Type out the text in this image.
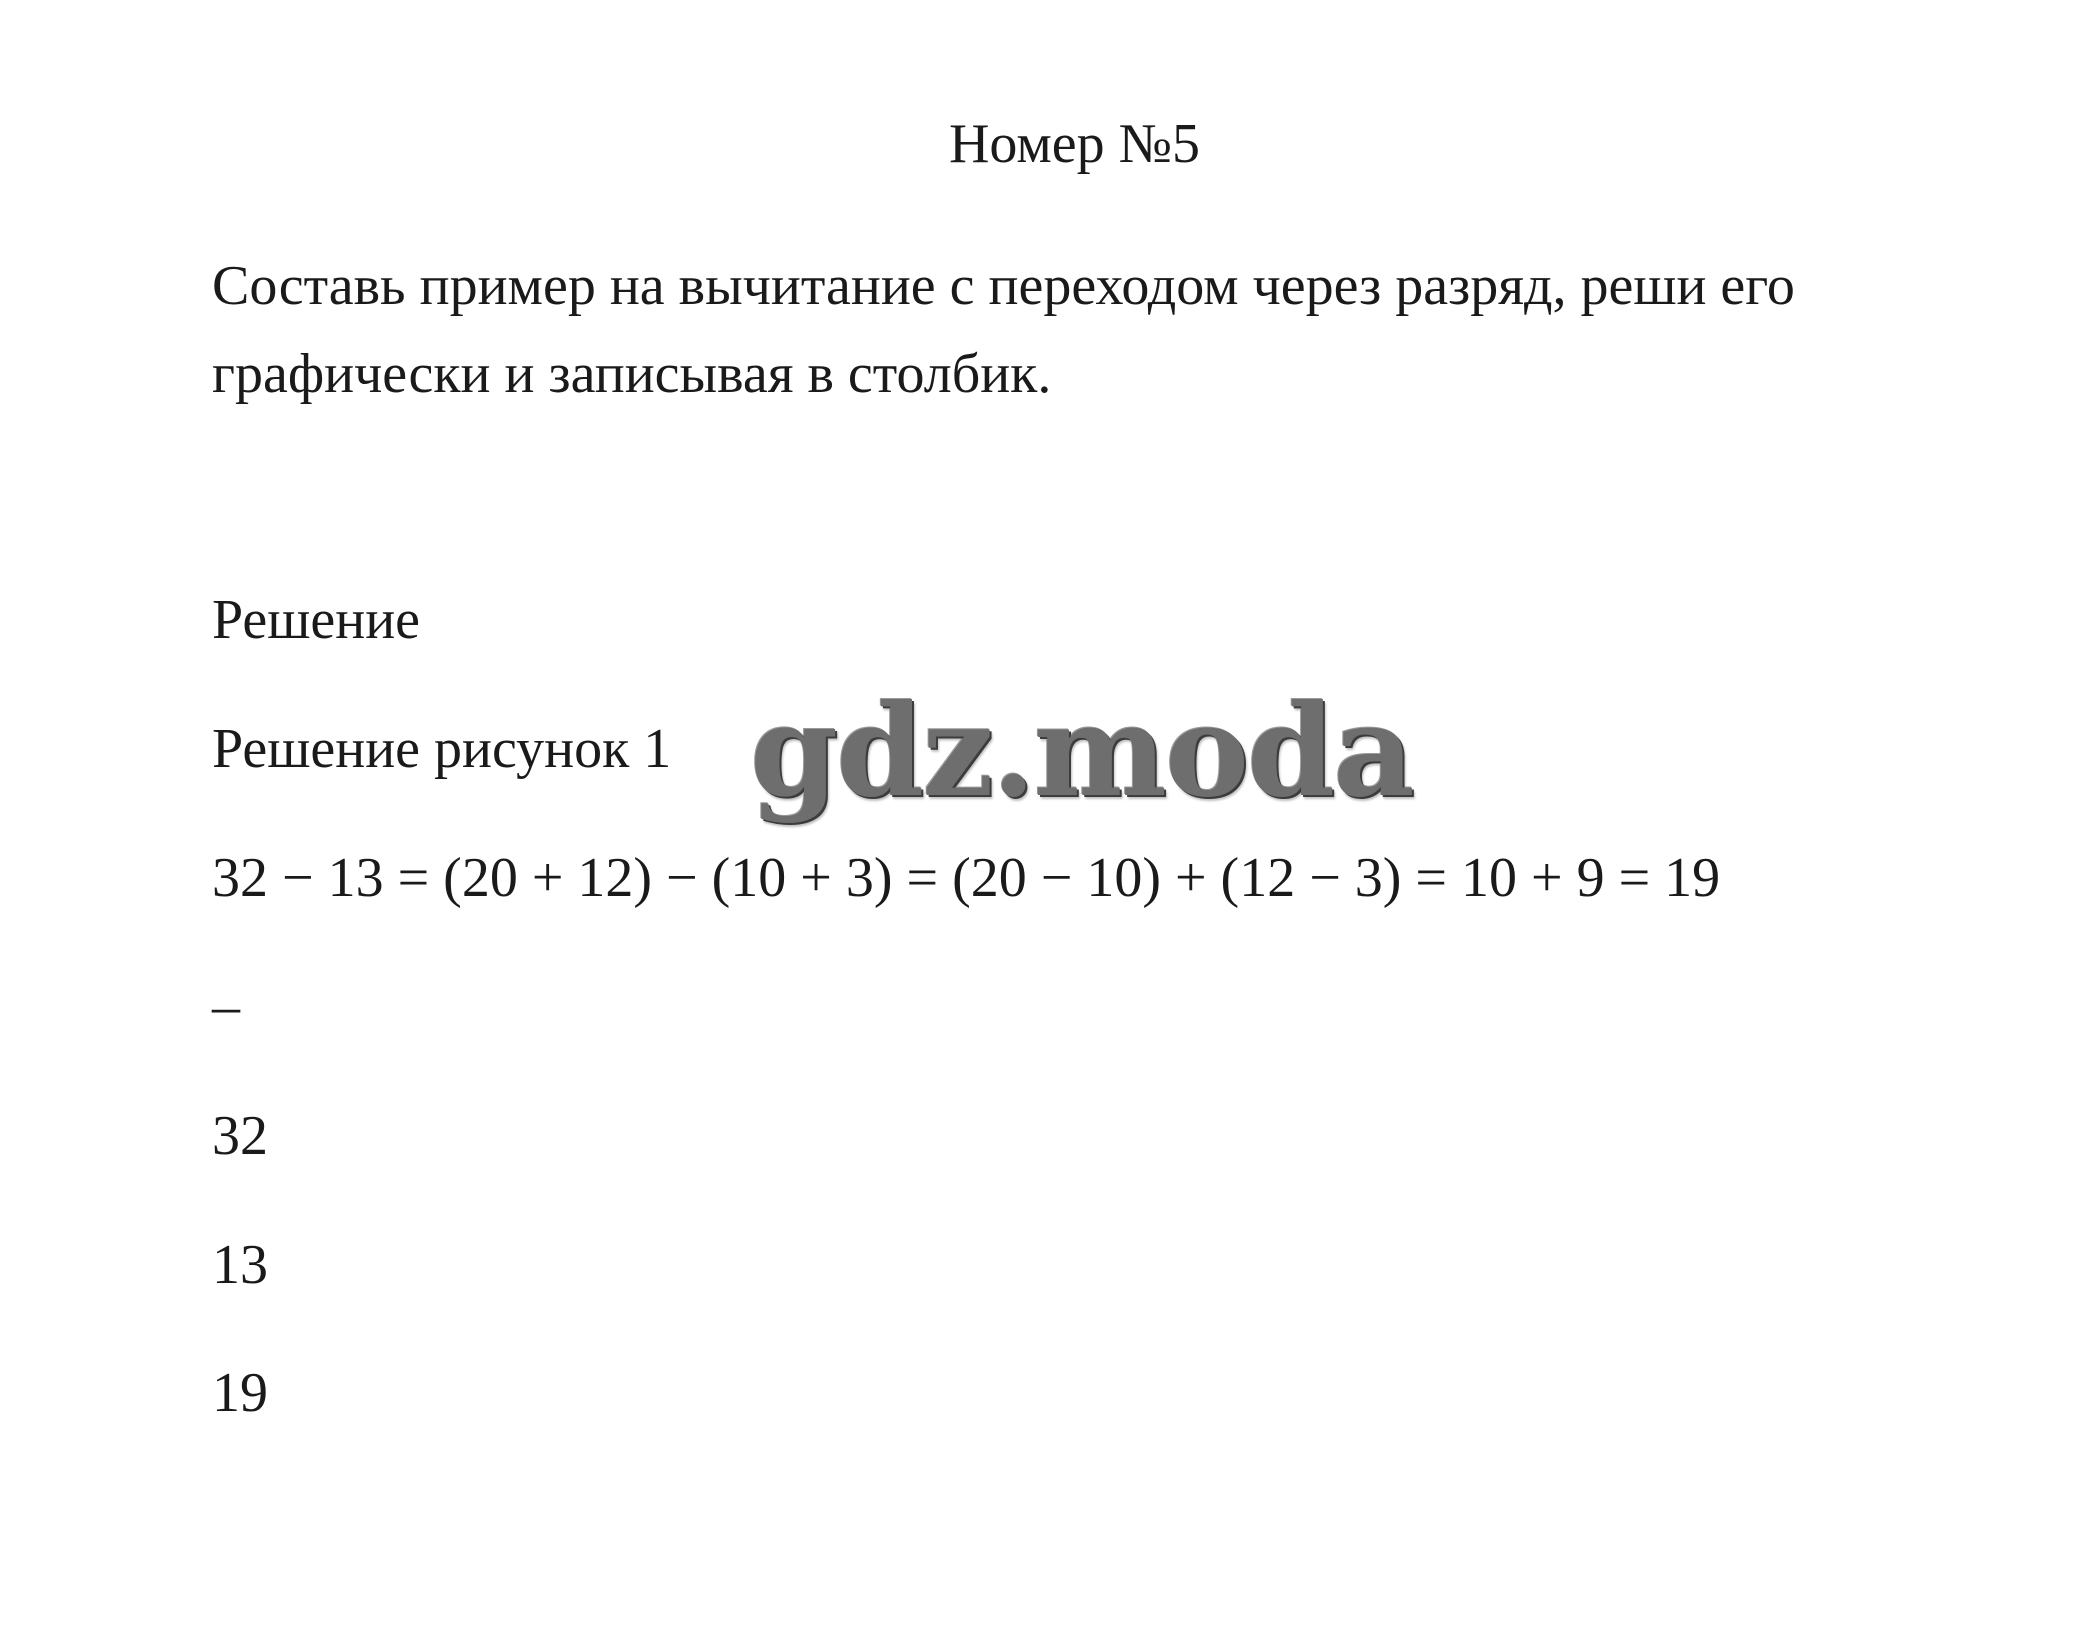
Номер №5
Составь пример на вычитание с переходом через разряд, реши его графически и записывая в столбик.
Решение
Решение рисунок 1 gdz.moda
32 − 13 = (20 + 12) − (10 + 3) = (20 − 10) + (12 − 3) = 10 + 9 = 19
–
32
13
19
